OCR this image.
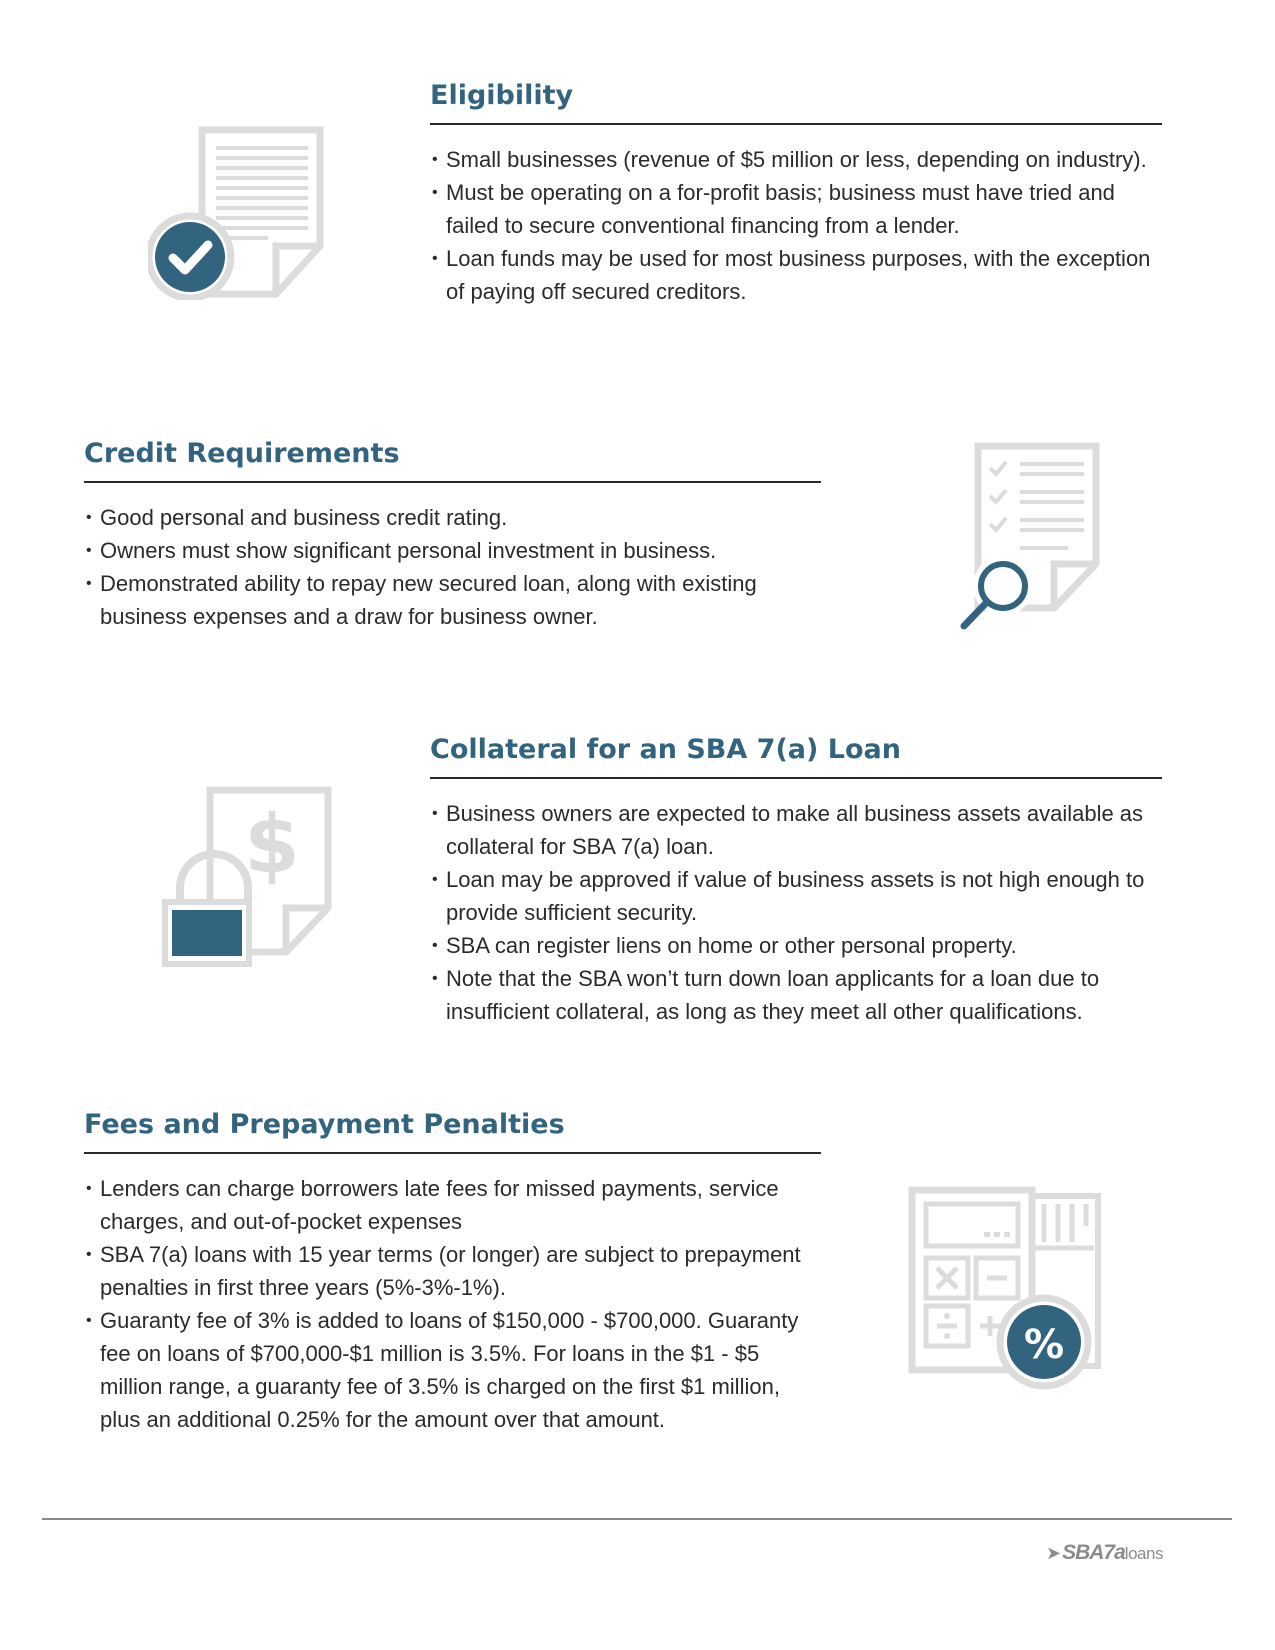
Eligibility
• Small businesses (revenue of $5 million or less, depending on industry).
• Must be operating on a for-profit basis; business must have tried and failed to secure conventional financing from a lender.
• Loan funds may be used for most business purposes, with the exception of paying off secured creditors.
Credit Requirements
• Good personal and business credit rating.
• Owners must show significant personal investment in business.
• Demonstrated ability to repay new secured loan, along with existing business expenses and a draw for business owner.
Collateral for an SBA 7(a) Loan
• Business owners are expected to make all business assets available as collateral for SBA 7(a) loan.
• Loan may be approved if value of business assets is not high enough to provide sufficient security.
• SBA can register liens on home or other personal property.
• Note that the SBA won’t turn down loan applicants for a loan due to insufficient collateral, as long as they meet all other qualifications.
Fees and Prepayment Penalties
• Lenders can charge borrowers late fees for missed payments, service charges, and out-of-pocket expenses
• SBA 7(a) loans with 15 year terms (or longer) are subject to prepayment penalties in first three years (5%-3%-1%).
• Guaranty fee of 3% is added to loans of $150,000 - $700,000. Guaranty fee on loans of $700,000-$1 million is 3.5%. For loans in the $1 - $5 million range, a guaranty fee of 3.5% is charged on the first $1 million, plus an additional 0.25% for the amount over that amount.
$
%
➤ SBA7a loans
